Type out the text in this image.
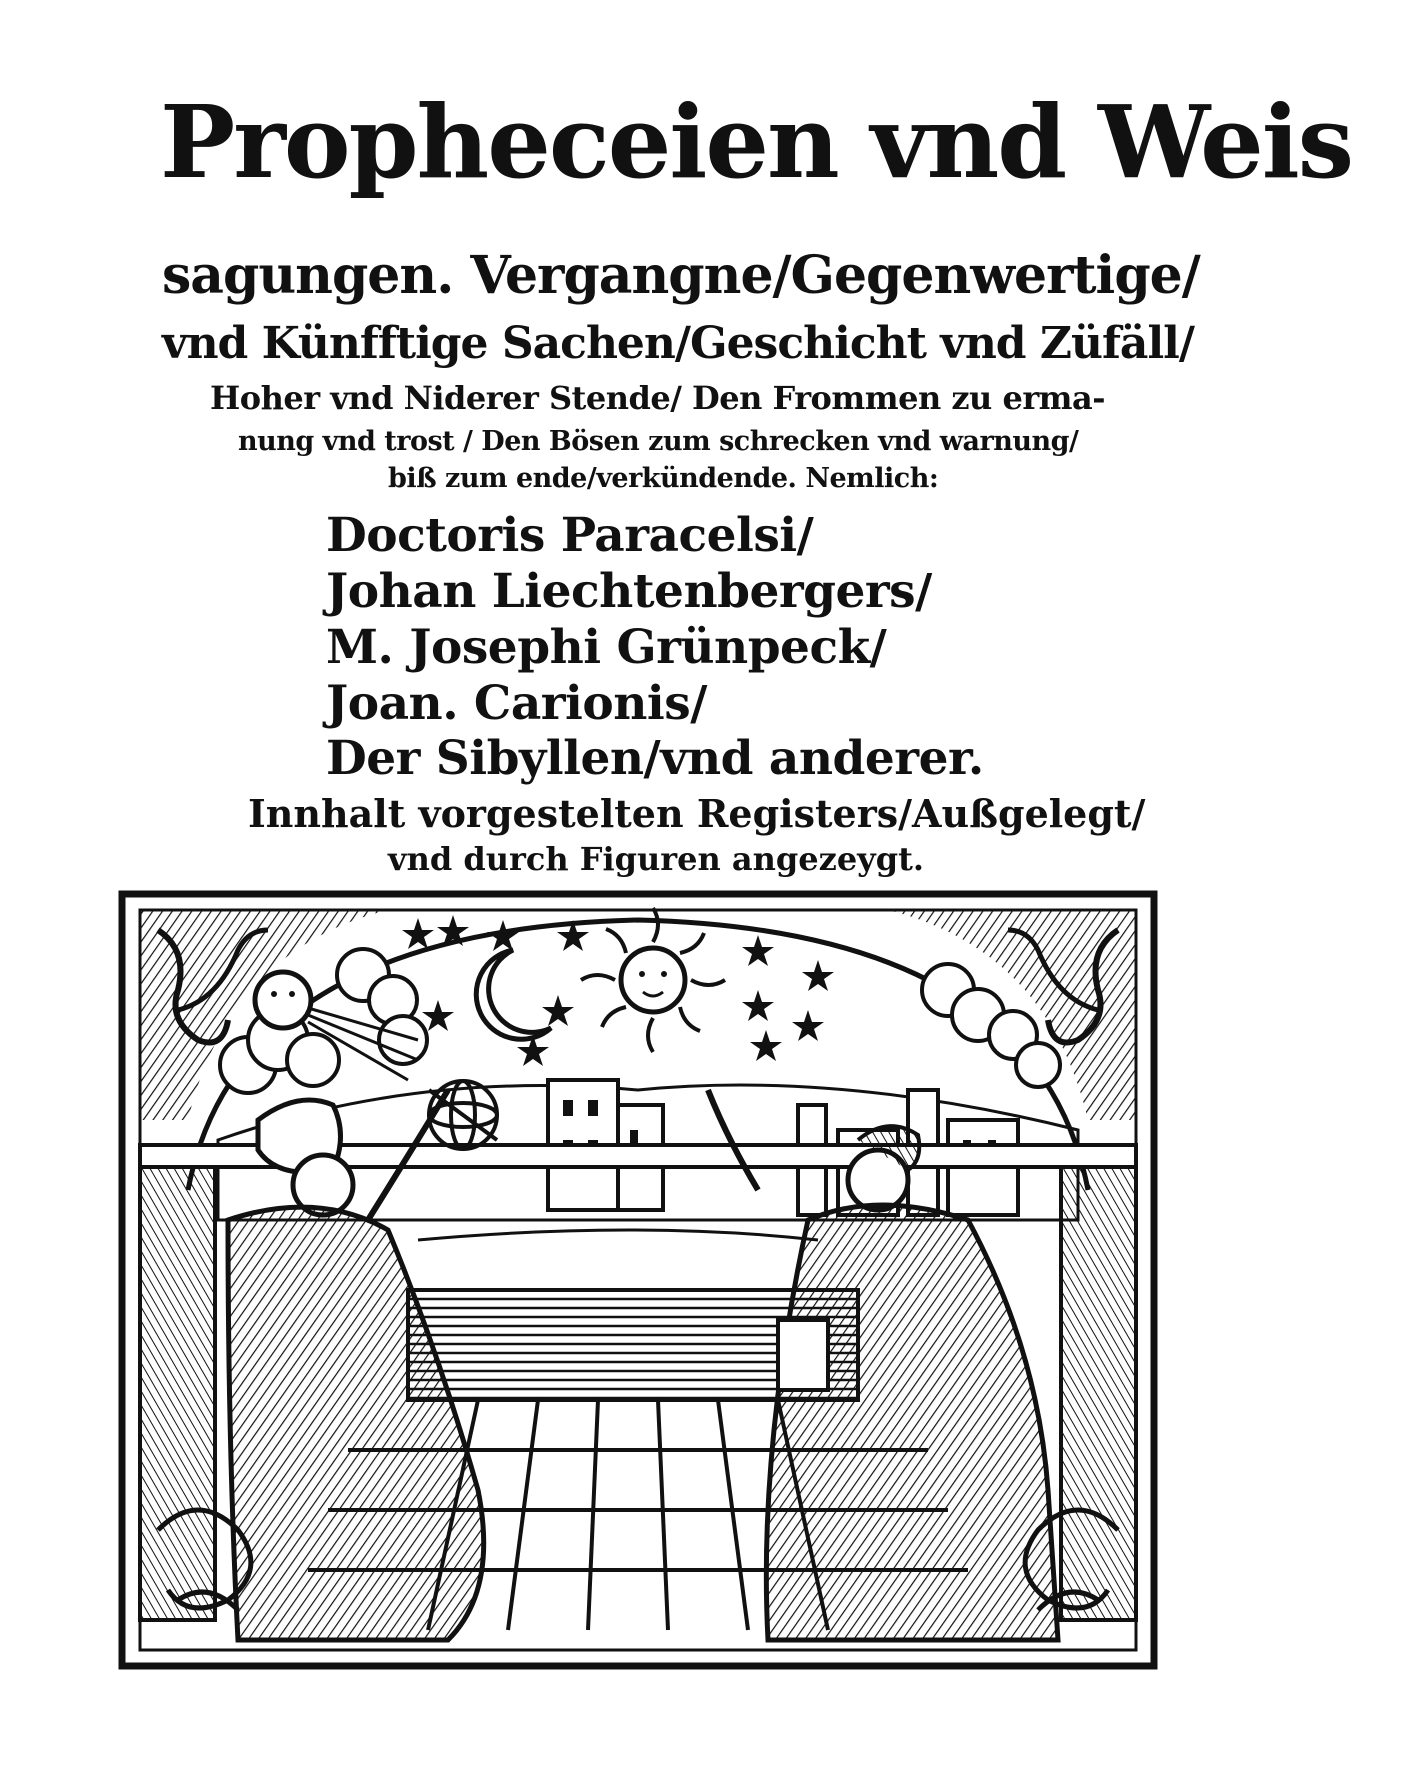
Propheceien vnd Weis
sagungen. Vergangne/Gegenwertige/
vnd Künfftige Sachen/Geschicht vnd Züfäll/
Hoher vnd Niderer Stende/ Den Frommen zu erma-
nung vnd trost / Den Bösen zum schrecken vnd warnung/
biß zum ende/verkündende. Nemlich:
Doctoris Paracelsi/
Johan Liechtenbergers/
M. Josephi Grünpeck/
Joan. Carionis/
Der Sibyllen/vnd anderer.
Innhalt vorgestelten Registers/Außgelegt/
vnd durch Figuren angezeygt.
